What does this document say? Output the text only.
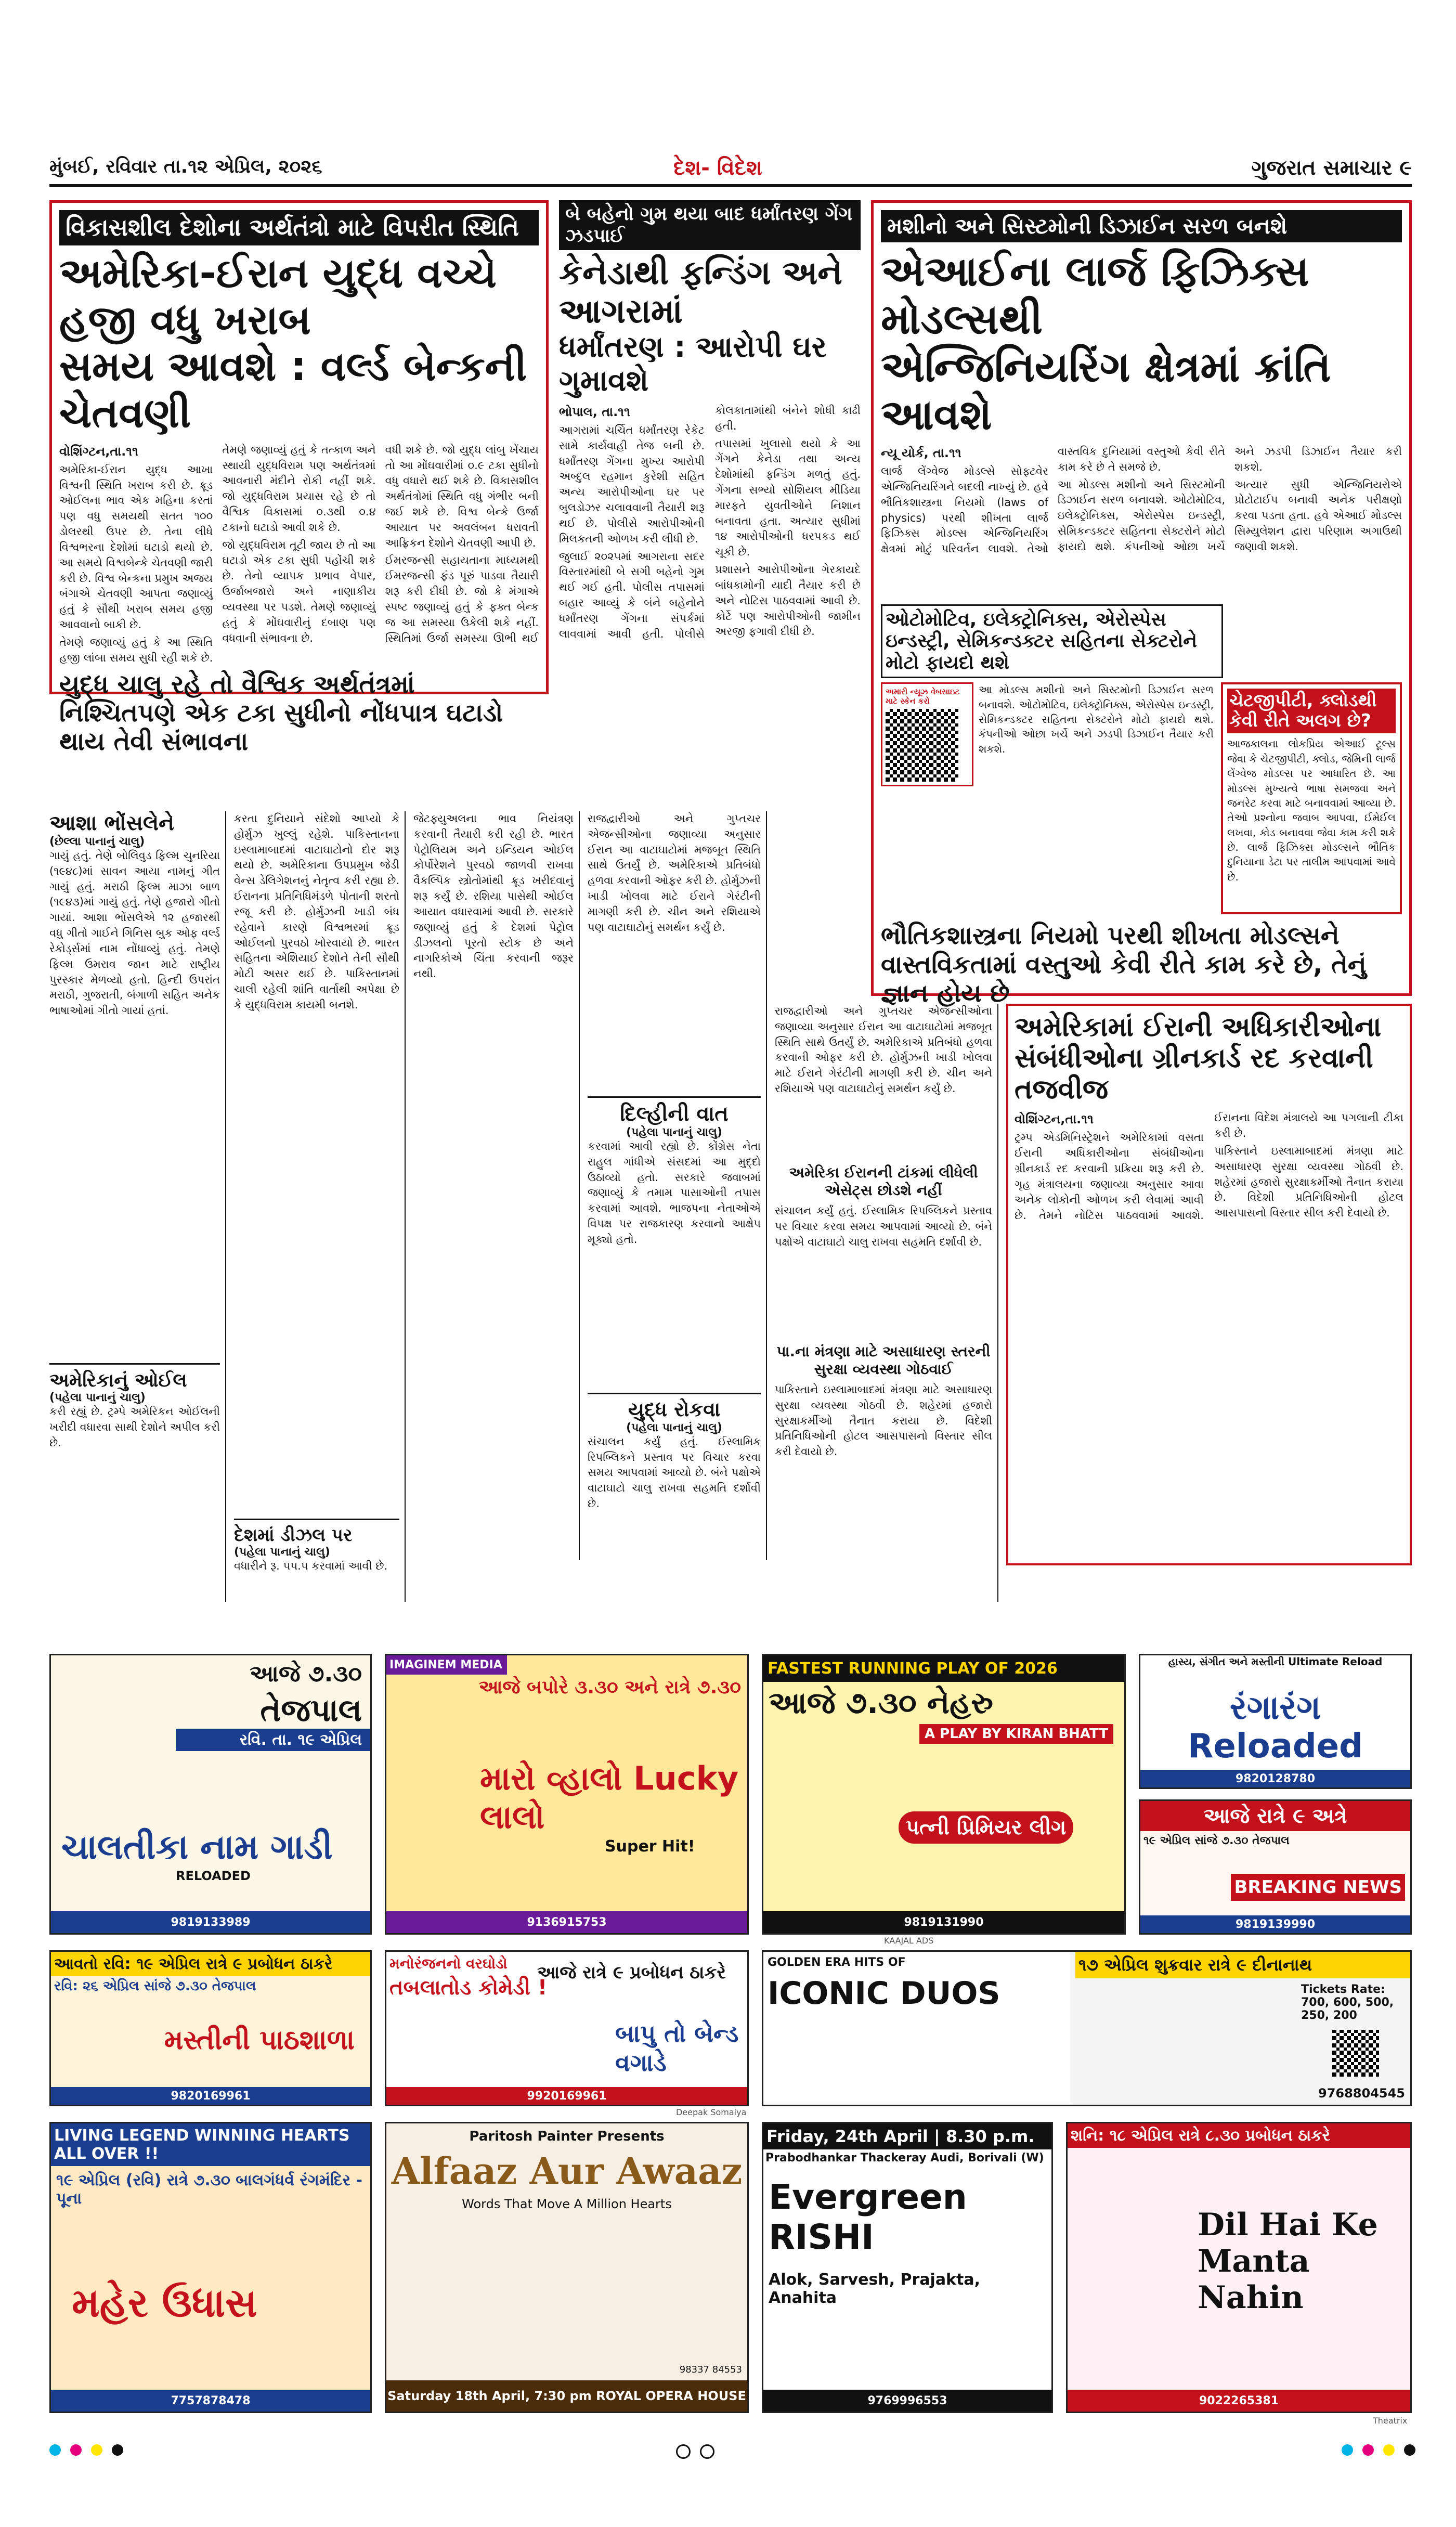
મુંબઈ, રવિવાર તા.૧૨ એપ્રિલ, ૨૦૨૬	દેશ- વિદેશ	ગુજરાત સમાચાર ૯
વિકાસશીલ દેશોના અર્થતંત્રો માટે વિપરીત સ્થિતિ
અમેરિકા-ઈરાન યુદ્ધ વચ્ચે હજી વધુ ખરાબ
સમય આવશે : વર્લ્ડ બેન્કની ચેતવણી

વોશિંગ્ટન,તા.૧૧

અમેરિકા-ઈરાન યુદ્ધ આખા વિશ્વની સ્થિતિ ખરાબ કરી છે. ક્રૂડ ઓઈલના ભાવ એક મહિના કરતાં પણ વધુ સમયથી સતત ૧૦૦ ડોલરથી ઉપર છે. તેના લીધે વિશ્વભરના દેશોમાં ઘટાડો થયો છે. આ સમયે વિશ્વબેન્કે ચેતવણી જારી કરી છે. વિશ્વ બેન્કના પ્રમુખ અજય બંગાએ ચેતવણી આપતા જણાવ્યું હતું કે સૌથી ખરાબ સમય હજી આવવાનો બાકી છે.

તેમણે જણાવ્યું હતું કે આ સ્થિતિ હજી લાંબા સમય સુધી રહી શકે છે. તેમણે જણાવ્યું હતું કે તત્કાળ અને સ્થાયી યુદ્ધવિરામ પણ અર્થતંત્રમાં આવનારી મંદીને રોકી નહીં શકે. જો યુદ્ધવિરામ પ્રયાસ રહે છે તો વૈશ્વિક વિકાસમાં ૦.૩થી ૦.૪ ટકાનો ઘટાડો આવી શકે છે.

જો યુદ્ધવિરામ તૂટી જાય છે તો આ ઘટાડો એક ટકા સુધી પહોંચી શકે છે. તેનો વ્યાપક પ્રભાવ વેપાર, ઉર્જાબજારો અને નાણાકીય વ્યવસ્થા પર પડશે. તેમણે જણાવ્યું હતું કે મોંઘવારીનું દબાણ પણ વધવાની સંભાવના છે.

વધી શકે છે. જો યુદ્ધ લાંબુ ખેંચાય તો આ મોંઘવારીમાં ૦.૯ ટકા સુધીનો વધુ વધારો થઈ શકે છે. વિકાસશીલ અર્થતંત્રોમાં સ્થિતિ વધુ ગંભીર બની જઈ શકે છે. વિશ્વ બેન્કે ઉર્જા આયાત પર અવલંબન ધરાવતી આફ્રિકન દેશોને ચેતવણી આપી છે.

ઈમરજન્સી સહાયતાના માધ્યમથી ઈમરજન્સી ફંડ પૂરું પાડવા તૈયારી શરૂ કરી દીધી છે. જો કે મંગાએ સ્પષ્ટ જણાવ્યું હતું કે ફક્ત બેન્ક જ આ સમસ્યા ઉકેલી શકે નહીં. સ્થિતિમાં ઉર્જા સમસ્યા ઊભી થઈ

યુદ્ધ ચાલુ રહે તો વૈશ્વિક અર્થતંત્રમાં નિશ્ચિતપણે એક ટકા સુધીનો નોંધપાત્ર ઘટાડો થાય તેવી સંભાવના
બે બહેનો ગુમ થયા બાદ ધર્માંતરણ ગેંગ ઝડપાઈ
કેનેડાથી ફન્ડિંગ અને આગરામાં
ધર્માંતરણ : આરોપી ઘર ગુમાવશે

ભોપાલ, તા.૧૧

આગરામાં ચર્ચિત ધર્માંતરણ રેકેટ સામે કાર્યવાહી તેજ બની છે. ધર્માંતરણ ગેંગના મુખ્ય આરોપી અબ્દુલ રહમાન કુરેશી સહિત અન્ય આરોપીઓના ઘર પર બુલડોઝર ચલાવવાની તૈયારી શરૂ થઈ છે. પોલીસે આરોપીઓની મિલકતની ઓળખ કરી લીધી છે.

જુલાઈ ૨૦૨૫માં આગરાના સદર વિસ્તારમાંથી બે સગી બહેનો ગુમ થઈ ગઈ હતી. પોલીસ તપાસમાં બહાર આવ્યું કે બંને બહેનોને ધર્માંતરણ ગેંગના સંપર્કમાં લાવવામાં આવી હતી. પોલીસે કોલકાતામાંથી બંનેને શોધી કાઢી હતી.

તપાસમાં ખુલાસો થયો કે આ ગેંગને કેનેડા તથા અન્ય દેશોમાંથી ફન્ડિંગ મળતું હતું. ગેંગના સભ્યો સોશિયલ મીડિયા મારફતે યુવતીઓને નિશાન બનાવતા હતા. અત્યાર સુધીમાં ૧૪ આરોપીઓની ધરપકડ થઈ ચૂકી છે.

પ્રશાસને આરોપીઓના ગેરકાયદે બાંધકામોની યાદી તૈયાર કરી છે અને નોટિસ પાઠવવામાં આવી છે. કોર્ટે પણ આરોપીઓની જામીન અરજી ફગાવી દીધી છે.

મશીનો અને સિસ્ટમોની ડિઝાઈન સરળ બનશે
એઆઈના લાર્જ ફિઝિક્સ મોડલ્સથી
એન્જિનિયરિંગ ક્ષેત્રમાં ક્રાંતિ આવશે

ન્યૂ યોર્ક, તા.૧૧

લાર્જ લેંગ્વેજ મોડલ્સે સોફ્ટવેર એન્જિનિયરિંગને બદલી નાખ્યું છે. હવે ભૌતિકશાસ્ત્રના નિયમો (laws of physics) પરથી શીખતા લાર્જ ફિઝિક્સ મોડલ્સ એન્જિનિયરિંગ ક્ષેત્રમાં મોટું પરિવર્તન લાવશે. તેઓ વાસ્તવિક દુનિયામાં વસ્તુઓ કેવી રીતે કામ કરે છે તે સમજે છે.

આ મોડલ્સ મશીનો અને સિસ્ટમોની ડિઝાઈન સરળ બનાવશે. ઓટોમોટિવ, ઇલેક્ટ્રોનિક્સ, એરોસ્પેસ ઇન્ડસ્ટ્રી, સેમિકન્ડક્ટર સહિતના સેક્ટરોને મોટો ફાયદો થશે. કંપનીઓ ઓછા ખર્ચે અને ઝડપી ડિઝાઈન તૈયાર કરી શકશે.

અત્યાર સુધી એન્જિનિયરોએ પ્રોટોટાઈપ બનાવી અનેક પરીક્ષણો કરવા પડતા હતા. હવે એઆઈ મોડલ્સ સિમ્યુલેશન દ્વારા પરિણામ અગાઉથી જણાવી શકશે.

ઓટોમોટિવ, ઇલેક્ટ્રોનિક્સ, એરોસ્પેસ ઇન્ડસ્ટ્રી, સેમિકન્ડક્ટર સહિતના સેક્ટરોને મોટો ફાયદો થશે
અમારી ન્યૂઝ વેબસાઇટ માટે સ્કેન કરો
આ મોડલ્સ મશીનો અને સિસ્ટમોની ડિઝાઈન સરળ બનાવશે. ઓટોમોટિવ, ઇલેક્ટ્રોનિક્સ, એરોસ્પેસ ઇન્ડસ્ટ્રી, સેમિકન્ડક્ટર સહિતના સેક્ટરોને મોટો ફાયદો થશે. કંપનીઓ ઓછા ખર્ચે અને ઝડપી ડિઝાઈન તૈયાર કરી શકશે.
ચેટજીપીટી, ક્લોડથી કેવી રીતે અલગ છે?
આજકાલના લોકપ્રિય એઆઈ ટૂલ્સ જેવા કે ચેટજીપીટી, ક્લોડ, જેમિની લાર્જ લેંગ્વેજ મોડલ્સ પર આધારિત છે. આ મોડલ્સ મુખ્યત્વે ભાષા સમજવા અને જનરેટ કરવા માટે બનાવવામાં આવ્યા છે. તેઓ પ્રશ્નોના જવાબ આપવા, ઈમેઈલ લખવા, કોડ બનાવવા જેવા કામ કરી શકે છે. લાર્જ ફિઝિક્સ મોડલ્સને ભૌતિક દુનિયાના ડેટા પર તાલીમ આપવામાં આવે છે.
ભૌતિકશાસ્ત્રના નિયમો પરથી શીખતા મોડલ્સને વાસ્તવિકતામાં વસ્તુઓ કેવી રીતે કામ કરે છે, તેનું જ્ઞાન હોય છે
આશા ભોંસલેને
(છેલ્લા પાનાનું ચાલુ)
ગાયું હતું. તેણે બોલિવુડ ફિલ્મ ચુનરિયા (૧૯૪૮)માં સાવન આયા નામનું ગીત ગાયું હતું. મરાઠી ફિલ્મ માઝા બાળ (૧૯૪૩)માં ગાયું હતું. તેણે હજારો ગીતો ગાયાં. આશા ભોંસલેએ ૧૨ હજારથી વધુ ગીતો ગાઈને ગિનિસ બુક ઓફ વર્લ્ડ રેકોર્ડ્સમાં નામ નોંધાવ્યું હતું. તેમણે ફિલ્મ ઉમરાવ જાન માટે રાષ્ટ્રીય પુરસ્કાર મેળવ્યો હતો. હિન્દી ઉપરાંત મરાઠી, ગુજરાતી, બંગાળી સહિત અનેક ભાષાઓમાં ગીતો ગાયાં હતાં.
અમેરિકાનું ઓઈલ
(પહેલા પાનાનું ચાલુ)
કરી રહ્યું છે. ટ્રમ્પે અમેરિકન ઓઈલની ખરીદી વધારવા સાથી દેશોને અપીલ કરી છે.
કરતા દુનિયાને સંદેશો આપ્યો કે હોર્મુઝ ખુલ્લું રહેશે. પાકિસ્તાનના ઇસ્લામાબાદમાં વાટાઘાટોનો દોર શરૂ થયો છે. અમેરિકાના ઉપપ્રમુખ જેડી વેન્સ ડેલિગેશનનું નેતૃત્વ કરી રહ્યા છે. ઈરાનના પ્રતિનિધિમંડળે પોતાની શરતો રજૂ કરી છે. હોર્મુઝની ખાડી બંધ રહેવાને કારણે વિશ્વભરમાં ક્રૂડ ઓઈલનો પુરવઠો ખોરવાયો છે. ભારત સહિતના એશિયાઈ દેશોને તેની સૌથી મોટી અસર થઈ છે. પાકિસ્તાનમાં ચાલી રહેલી શાંતિ વાર્તાથી અપેક્ષા છે કે યુદ્ધવિરામ કાયમી બનશે.
દેશમાં ડીઝલ પર
(પહેલા પાનાનું ચાલુ)
વધારીને રૂ. ૫૫.૫ કરવામાં આવી છે.
જેટફ્યુઅલના ભાવ નિયંત્રણ કરવાની તૈયારી કરી રહી છે. ભારત પેટ્રોલિયમ અને ઇન્ડિયન ઓઈલ કોર્પોરેશને પુરવઠો જાળવી રાખવા વૈકલ્પિક સ્ત્રોતોમાંથી ક્રૂડ ખરીદવાનું શરૂ કર્યું છે. રશિયા પાસેથી ઓઈલ આયાત વધારવામાં આવી છે. સરકારે જણાવ્યું હતું કે દેશમાં પેટ્રોલ ડીઝલનો પૂરતો સ્ટોક છે અને નાગરિકોએ ચિંતા કરવાની જરૂર નથી.
રાજદ્વારીઓ અને ગુપ્તચર એજન્સીઓના જણાવ્યા અનુસાર ઈરાન આ વાટાઘાટોમાં મજબૂત સ્થિતિ સાથે ઉતર્યું છે. અમેરિકાએ પ્રતિબંધો હળવા કરવાની ઓફર કરી છે. હોર્મુઝની ખાડી ખોલવા માટે ઈરાને ગેરંટીની માગણી કરી છે. ચીન અને રશિયાએ પણ વાટાઘાટોનું સમર્થન કર્યું છે.
દિલ્હીની વાત
(પહેલા પાનાનું ચાલુ)
કરવામાં આવી રહ્યો છે. કોંગ્રેસ નેતા રાહુલ ગાંધીએ સંસદમાં આ મુદ્દો ઉઠાવ્યો હતો. સરકારે જવાબમાં જણાવ્યું કે તમામ પાસાઓની તપાસ કરવામાં આવશે. ભાજપના નેતાઓએ વિપક્ષ પર રાજકારણ કરવાનો આક્ષેપ મૂક્યો હતો.
યુદ્ધ રોકવા
(પહેલા પાનાનું ચાલુ)
સંચાલન કર્યું હતું. ઈસ્લામિક રિપબ્લિકને પ્રસ્તાવ પર વિચાર કરવા સમય આપવામાં આવ્યો છે. બંને પક્ષોએ વાટાઘાટો ચાલુ રાખવા સહમતિ દર્શાવી છે.
રાજદ્વારીઓ અને ગુપ્તચર એજન્સીઓના જણાવ્યા અનુસાર ઈરાન આ વાટાઘાટોમાં મજબૂત સ્થિતિ સાથે ઉતર્યું છે. અમેરિકાએ પ્રતિબંધો હળવા કરવાની ઓફર કરી છે. હોર્મુઝની ખાડી ખોલવા માટે ઈરાને ગેરંટીની માગણી કરી છે. ચીન અને રશિયાએ પણ વાટાઘાટોનું સમર્થન કર્યું છે.
અમેરિકા ઈરાનની ટાંકમાં લીધેલી એસેટ્સ છોડશે નહીં
સંચાલન કર્યું હતું. ઈસ્લામિક રિપબ્લિકને પ્રસ્તાવ પર વિચાર કરવા સમય આપવામાં આવ્યો છે. બંને પક્ષોએ વાટાઘાટો ચાલુ રાખવા સહમતિ દર્શાવી છે.
પા.ના મંત્રણા માટે અસાધારણ સ્તરની સુરક્ષા વ્યવસ્થા ગોઠવાઈ
પાકિસ્તાને ઇસ્લામાબાદમાં મંત્રણા માટે અસાધારણ સુરક્ષા વ્યવસ્થા ગોઠવી છે. શહેરમાં હજારો સુરક્ષાકર્મીઓ તૈનાત કરાયા છે. વિદેશી પ્રતિનિધિઓની હોટલ આસપાસનો વિસ્તાર સીલ કરી દેવાયો છે.
અમેરિકામાં ઈરાની અધિકારીઓના સંબંધીઓના ગ્રીનકાર્ડ રદ કરવાની તજવીજ

વોશિંગ્ટન,તા.૧૧

ટ્રમ્પ એડમિનિસ્ટ્રેશને અમેરિકામાં વસતા ઈરાની અધિકારીઓના સંબંધીઓના ગ્રીનકાર્ડ રદ કરવાની પ્રક્રિયા શરૂ કરી છે. ગૃહ મંત્રાલયના જણાવ્યા અનુસાર આવા અનેક લોકોની ઓળખ કરી લેવામાં આવી છે. તેમને નોટિસ પાઠવવામાં આવશે. ઈરાનના વિદેશ મંત્રાલયે આ પગલાની ટીકા કરી છે.

પાકિસ્તાને ઇસ્લામાબાદમાં મંત્રણા માટે અસાધારણ સુરક્ષા વ્યવસ્થા ગોઠવી છે. શહેરમાં હજારો સુરક્ષાકર્મીઓ તૈનાત કરાયા છે. વિદેશી પ્રતિનિધિઓની હોટલ આસપાસનો વિસ્તાર સીલ કરી દેવાયો છે.

આજે ૭.૩૦
તેજપાલ
રવિ. તા. ૧૯ એપ્રિલ
ચાલતીકા નામ ગાડી
RELOADED
9819133989
IMAGINEM MEDIA
આજે બપોરે ૩.૩૦ અને રાત્રે ૭.૩૦
મારો વ્હાલો Lucky લાલો
Super Hit!
9136915753
FASTEST RUNNING PLAY OF 2026
આજે ૭.૩૦ નેહરુ
A PLAY BY KIRAN BHATT
પત્ની પ્રિમિયર લીગ
9819131990
હાસ્ય, સંગીત અને મસ્તીની Ultimate Reload
રંગારંગ Reloaded
9820128780
આજે રાત્રે ૯ અત્રે
૧૯ એપ્રિલ સાંજે ૭.૩૦ તેજપાલ
BREAKING NEWS
9819139990
આવતો રવિ: ૧૯ એપ્રિલ રાત્રે ૯ પ્રબોધન ઠાકરે
રવિ: ૨૬ એપ્રિલ સાંજે ૭.૩૦ તેજપાલ
મસ્તીની પાઠશાળા
9820169961
મનોરંજનનો વરઘોડો
તબલાતોડ કોમેડી !
આજે રાત્રે ૯ પ્રબોધન ઠાકરે
બાપુ તો બેન્ડ વગાડે
9920169961
GOLDEN ERA HITS OF
ICONIC DUOS
૧૭ એપ્રિલ શુક્રવાર રાત્રે ૯ દીનાનાથ
Tickets Rate: 700, 600, 500, 250, 200
9768804545
LIVING LEGEND WINNING HEARTS ALL OVER !!
૧૯ એપ્રિલ (રવિ) રાત્રે ૭.૩૦ બાલગંધર્વ રંગમંદિર - પૂના
મહેર ઉધાસ
7757878478
Paritosh Painter Presents
Alfaaz Aur Awaaz
Words That Move A Million Hearts
Saturday 18th April, 7:30 pm ROYAL OPERA HOUSE
98337 84553
Friday, 24th April | 8.30 p.m.
Prabodhankar Thackeray Audi, Borivali (W)
Evergreen RISHI
Alok, Sarvesh, Prajakta, Anahita
9769996553
શનિ: ૧૮ એપ્રિલ રાત્રે ૮.૩૦ પ્રબોધન ઠાકરે
Dil Hai Ke Manta Nahin
9022265381
KAAJAL ADS
Deepak Somaiya
Theatrix
